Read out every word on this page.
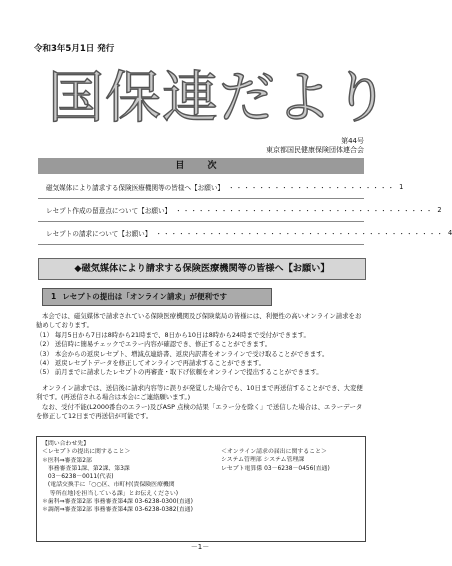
令和3年5月1日 発行
国保連だより
第44号
東京都国民健康保険団体連合会
目 次
磁気媒体により請求する保険医療機関等の皆様へ【お願い】 ・・・・・・・・・・・・・・・・・・・・・・ 1
レセプト作成の留意点について【お願い】 ・・・・・・・・・・・・・・・・・・・・・・・・・・・・・・・・・・ 2
レセプトの請求について【お願い】 ・・・・・・・・・・・・・・・・・・・・・・・・・・・・・・・・・・・・・・ 4
◆磁気媒体により請求する保険医療機関等の皆様へ【お願い】
1 レセプトの提出は「オンライン請求」が便利です

本会では、磁気媒体で請求されている保険医療機関及び保険薬局の皆様には、利便性の高いオンライン請求をお勧めしております。

（1） 毎月5日から7日は8時から21時まで、8日から10日は8時から24時まで受付ができます。

（2） 送信時に簡易チェックでエラー内容が確認でき、修正することができます。

（3） 本会からの返戻レセプト、増減点連絡書、返戻内訳書をオンラインで受け取ることができます。

（4） 返戻レセプトデータを修正してオンラインで再請求することができます。

（5） 前月までに請求したレセプトの再審査・取下げ依頼をオンラインで提出することができます。

オンライン請求では、送信後に請求内容等に誤りが発覚した場合でも、10日まで再送信することができ、大変便利です。(再送信される場合は本会にご連絡願います。)

なお、受付不能(L2000番台のエラー)及びASP 点検の結果「エラー分を除く」で送信した場合は、エラーデータを修正して12日まで再送信が可能です。

【問い合わせ先】
＜レセプトの提出に関すること＞
＊医科⇒審査第2部
　事務審査第1課、第2課、第3課
　03－6238－0011(代表)
　(電話交換手に「○○区、市町村(貴保険医療機関
　 等所在地)を担当している課」とお伝えください)
＊歯科⇒審査第2部 事務審査第4課 03-6238-0300(直通)
＊調剤⇒審査第2部 事務審査第4課 03-6238-0382(直通)
＜オンライン請求の届出に関すること＞
システム管理部 システム管理課
レセプト電算係 03－6238－0456(直通)
－1－
